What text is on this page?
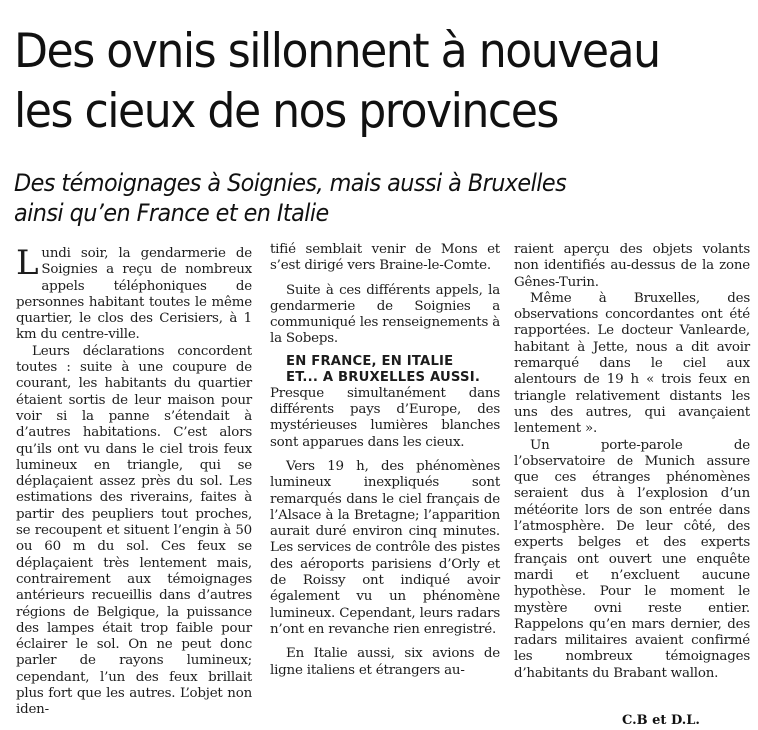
Des ovnis sillonnent à nouveau
les cieux de nos provinces
Des témoignages à Soignies, mais aussi à Bruxelles
ainsi qu’en France et en Italie

Lundi soir, la gendarmerie de Soignies a reçu de nombreux appels téléphoniques de personnes habitant toutes le même quartier, le clos des Cerisiers, à 1 km du centre-ville.

Leurs déclarations concordent toutes : suite à une coupure de courant, les habitants du quartier étaient sortis de leur maison pour voir si la panne s’étendait à d’autres habitations. C’est alors qu’ils ont vu dans le ciel trois feux lumineux en triangle, qui se déplaçaient assez près du sol. Les estimations des riverains, faites à partir des peupliers tout proches, se recoupent et situent l’engin à 50 ou 60 m du sol. Ces feux se déplaçaient très lentement mais, contrairement aux témoignages antérieurs recueillis dans d’autres régions de Belgique, la puissance des lampes était trop faible pour éclairer le sol. On ne peut donc parler de rayons lumineux; cependant, l’un des feux brillait plus fort que les autres. L’objet non iden-

tifié semblait venir de Mons et s’est dirigé vers Braine-le-Comte.

Suite à ces différents appels, la gendarmerie de Soignies a communiqué les renseignements à la Sobeps.

EN FRANCE, EN ITALIE

ET... A BRUXELLES AUSSI.

Presque simultanément dans différents pays d’Europe, des mystérieuses lumières blanches sont apparues dans les cieux.

Vers 19 h, des phénomènes lumineux inexpliqués sont remarqués dans le ciel français de l’Alsace à la Bretagne; l’apparition aurait duré environ cinq minutes. Les services de contrôle des pistes des aéroports parisiens d’Orly et de Roissy ont indiqué avoir également vu un phénomène lumineux. Cependant, leurs radars n’ont en revanche rien enregistré.

En Italie aussi, six avions de ligne italiens et étrangers au-

raient aperçu des objets volants non identifiés au-dessus de la zone Gênes-Turin.

Même à Bruxelles, des observations concordantes ont été rapportées. Le docteur Vanlearde, habitant à Jette, nous a dit avoir remarqué dans le ciel aux alentours de 19 h « trois feux en triangle relativement distants les uns des autres, qui avançaient lentement ».

Un porte-parole de l’observatoire de Munich assure que ces étranges phénomènes seraient dus à l’explosion d’un météorite lors de son entrée dans l’atmosphère. De leur côté, des experts belges et des experts français ont ouvert une enquête mardi et n’excluent aucune hypothèse. Pour le moment le mystère ovni reste entier. Rappelons qu’en mars dernier, des radars militaires avaient confirmé les nombreux témoignages d’habitants du Brabant wallon.

C.B et D.L.
